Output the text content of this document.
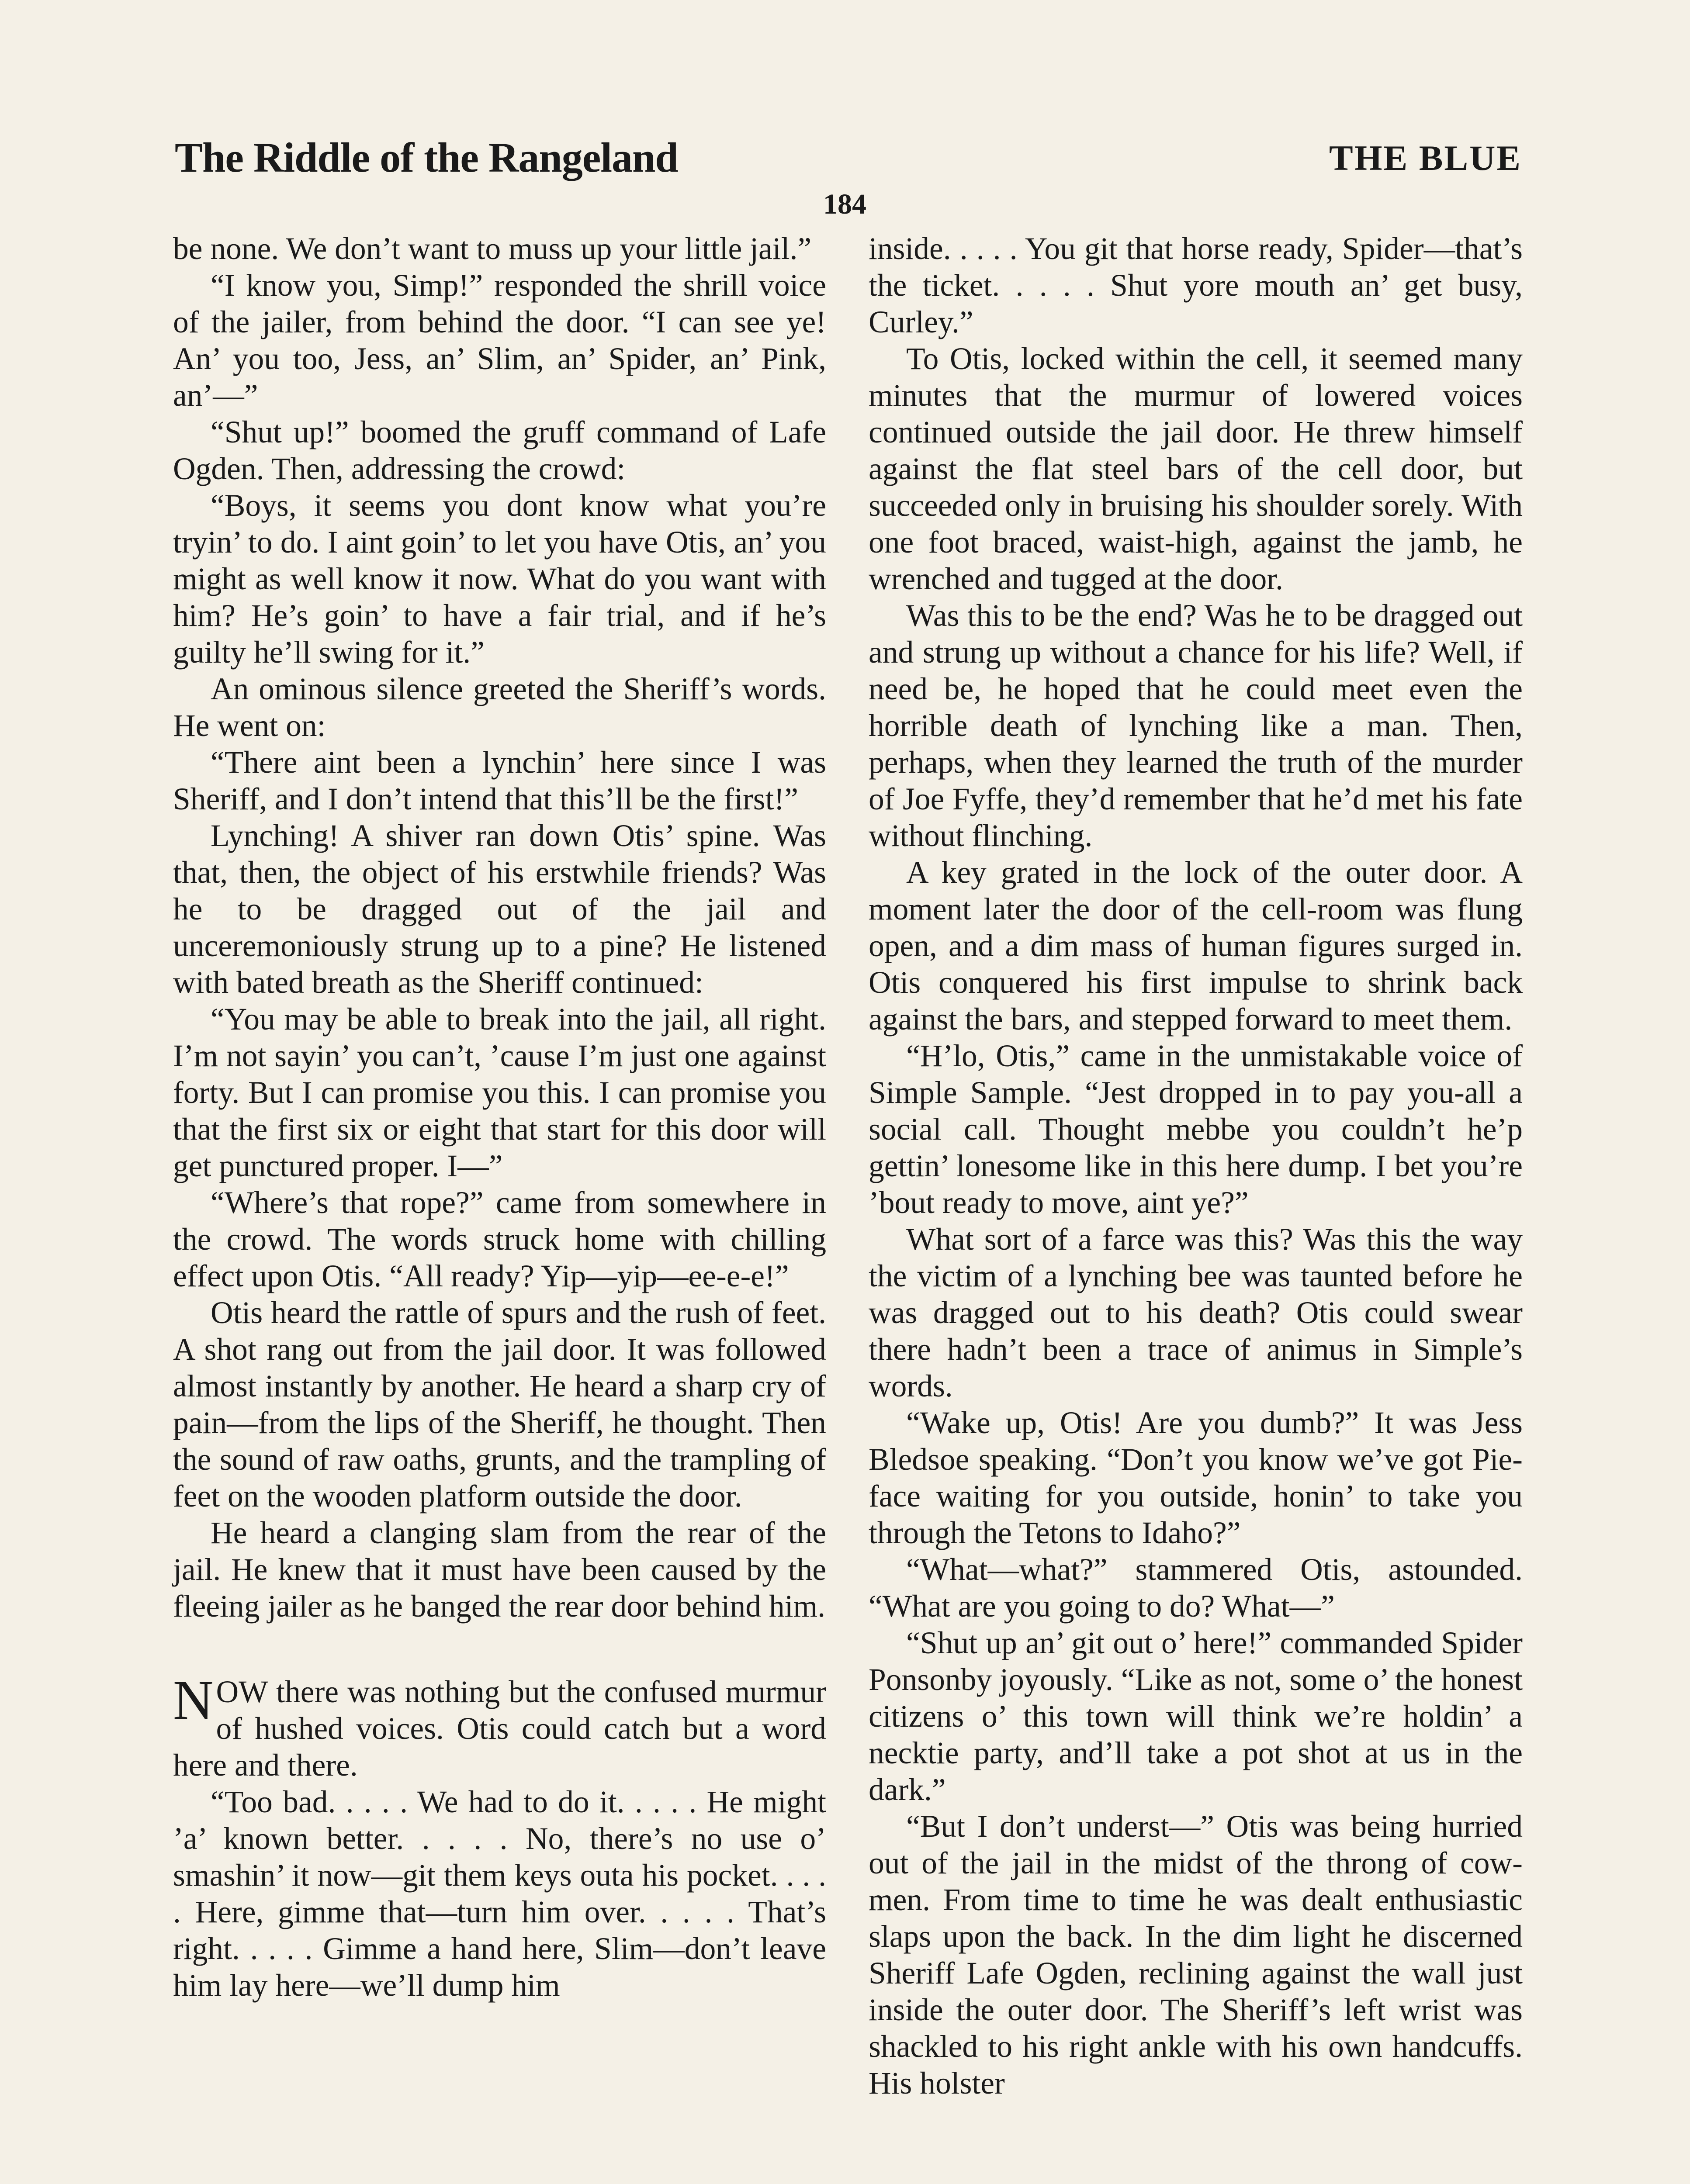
The Riddle of the Rangeland	THE BLUE
184

be none. We don’t want to muss up your little jail.”

“I know you, Simp!” responded the shrill voice of the jailer, from behind the door. “I can see ye! An’ you too, Jess, an’ Slim, an’ Spider, an’ Pink, an’—”

“Shut up!” boomed the gruff command of Lafe Ogden. Then, addressing the crowd:

“Boys, it seems you dont know what you’re tryin’ to do. I aint goin’ to let you have Otis, an’ you might as well know it now. What do you want with him? He’s goin’ to have a fair trial, and if he’s guilty he’ll swing for it.”

An ominous silence greeted the Sheriff’s words. He went on:

“There aint been a lynchin’ here since I was Sheriff, and I don’t intend that this’ll be the first!”

Lynching! A shiver ran down Otis’ spine. Was that, then, the object of his erstwhile friends? Was he to be dragged out of the jail and unceremoniously strung up to a pine? He listened with bated breath as the Sheriff continued:

“You may be able to break into the jail, all right. I’m not sayin’ you can’t, ’cause I’m just one against forty. But I can promise you this. I can promise you that the first six or eight that start for this door will get punctured proper. I—”

“Where’s that rope?” came from somewhere in the crowd. The words struck home with chilling effect upon Otis. “All ready? Yip—yip—ee-e-e!”

Otis heard the rattle of spurs and the rush of feet. A shot rang out from the jail door. It was followed almost instantly by another. He heard a sharp cry of pain—from the lips of the Sheriff, he thought. Then the sound of raw oaths, grunts, and the trampling of feet on the wooden platform outside the door.

He heard a clanging slam from the rear of the jail. He knew that it must have been caused by the fleeing jailer as he banged the rear door behind him.

NOW there was nothing but the confused murmur of hushed voices. Otis could catch but a word here and there.

“Too bad. . . . . We had to do it. . . . . He might ’a’ known better. . . . . No, there’s no use o’ smashin’ it now—git them keys outa his pocket. . . . . Here, gimme that—turn him over. . . . . That’s right. . . . . Gimme a hand here, Slim—don’t leave him lay here—we’ll dump him

inside. . . . . You git that horse ready, Spider—that’s the ticket. . . . . Shut yore mouth an’ get busy, Curley.”

To Otis, locked within the cell, it seemed many minutes that the murmur of lowered voices continued outside the jail door. He threw himself against the flat steel bars of the cell door, but succeeded only in bruising his shoulder sorely. With one foot braced, waist-high, against the jamb, he wrenched and tugged at the door.

Was this to be the end? Was he to be dragged out and strung up without a chance for his life? Well, if need be, he hoped that he could meet even the horrible death of lynching like a man. Then, perhaps, when they learned the truth of the murder of Joe Fyffe, they’d remember that he’d met his fate without flinching.

A key grated in the lock of the outer door. A moment later the door of the cell-room was flung open, and a dim mass of human figures surged in. Otis conquered his first impulse to shrink back against the bars, and stepped forward to meet them.

“H’lo, Otis,” came in the unmistakable voice of Simple Sample. “Jest dropped in to pay you-all a social call. Thought mebbe you couldn’t he’p gettin’ lonesome like in this here dump. I bet you’re ’bout ready to move, aint ye?”

What sort of a farce was this? Was this the way the victim of a lynching bee was taunted before he was dragged out to his death? Otis could swear there hadn’t been a trace of animus in Simple’s words.

“Wake up, Otis! Are you dumb?” It was Jess Bledsoe speaking. “Don’t you know we’ve got Pie-face waiting for you outside, honin’ to take you through the Tetons to Idaho?”

“What—what?” stammered Otis, astounded. “What are you going to do? What—”

“Shut up an’ git out o’ here!” commanded Spider Ponsonby joyously. “Like as not, some o’ the honest citizens o’ this town will think we’re holdin’ a necktie party, and’ll take a pot shot at us in the dark.”

“But I don’t underst—” Otis was being hurried out of the jail in the midst of the throng of cow-men. From time to time he was dealt enthusiastic slaps upon the back. In the dim light he discerned Sheriff Lafe Ogden, reclining against the wall just inside the outer door. The Sheriff’s left wrist was shackled to his right ankle with his own handcuffs. His holster
